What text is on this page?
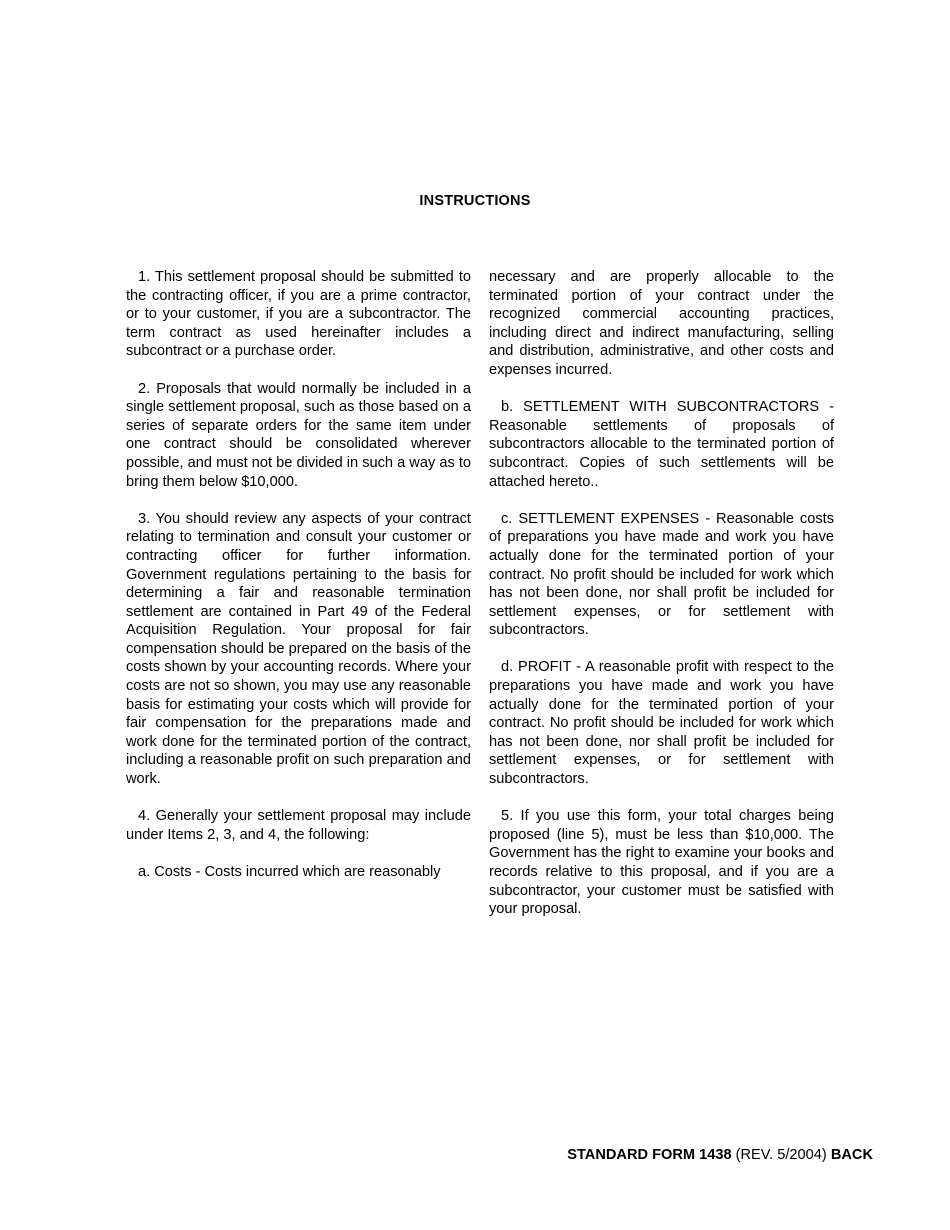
INSTRUCTIONS

1. This settlement proposal should be submitted to the contracting officer, if you are a prime contractor, or to your customer, if you are a subcontractor. The term contract as used hereinafter includes a subcontract or a purchase order.

2. Proposals that would normally be included in a single settlement proposal, such as those based on a series of separate orders for the same item under one contract should be consolidated wherever possible, and must not be divided in such a way as to bring them below $10,000.

3. You should review any aspects of your contract relating to termination and consult your customer or contracting officer for further information. Government regulations pertaining to the basis for determining a fair and reasonable termination settlement are contained in Part 49 of the Federal Acquisition Regulation. Your proposal for fair compensation should be prepared on the basis of the costs shown by your accounting records. Where your costs are not so shown, you may use any reasonable basis for estimating your costs which will provide for fair compensation for the preparations made and work done for the terminated portion of the contract, including a reasonable profit on such preparation and work.

4. Generally your settlement proposal may include under Items 2, 3, and 4, the following:

a. Costs - Costs incurred which are reasonably

necessary and are properly allocable to the terminated portion of your contract under the recognized commercial accounting practices, including direct and indirect manufacturing, selling and distribution, administrative, and other costs and expenses incurred.

b. SETTLEMENT WITH SUBCONTRACTORS - Reasonable settlements of proposals of subcontractors allocable to the terminated portion of subcontract. Copies of such settlements will be attached hereto..

c. SETTLEMENT EXPENSES - Reasonable costs of preparations you have made and work you have actually done for the terminated portion of your contract. No profit should be included for work which has not been done, nor shall profit be included for settlement expenses, or for settlement with subcontractors.

d. PROFIT - A reasonable profit with respect to the preparations you have made and work you have actually done for the terminated portion of your contract. No profit should be included for work which has not been done, nor shall profit be included for settlement expenses, or for settlement with subcontractors.

5. If you use this form, your total charges being proposed (line 5), must be less than $10,000. The Government has the right to examine your books and records relative to this proposal, and if you are a subcontractor, your customer must be satisfied with your proposal.

STANDARD FORM 1438 (REV. 5/2004) BACK
